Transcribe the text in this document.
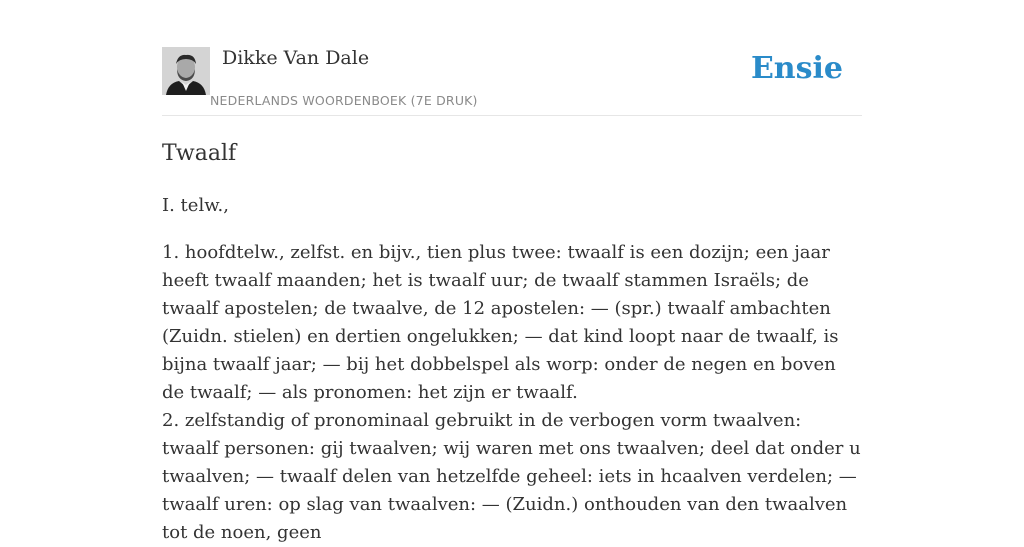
Dikke Van Dale
NEDERLANDS WOORDENBOEK (7E DRUK)
Ensie
Twaalf

I. telw.,

1. hoofdtelw., zelfst. en bijv., tien plus twee: twaalf is een dozijn; een jaar heeft twaalf maanden; het is twaalf uur; de twaalf stammen Israëls; de twaalf apostelen; de twaalve, de 12 apostelen: — (spr.) twaalf ambachten (Zuidn. stielen) en dertien ongelukken; — dat kind loopt naar de twaalf, is bijna twaalf jaar; — bij het dobbelspel als worp: onder de negen en boven de twaalf; — als pronomen: het zijn er twaalf.

2. zelfstandig of pronominaal gebruikt in de verbogen vorm twaalven: twaalf personen: gij twaalven; wij waren met ons twaalven; deel dat onder u twaalven; — twaalf delen van hetzelfde geheel: iets in hcaalven verdelen; — twaalf uren: op slag van twaalven: — (Zuidn.) onthouden van den twaalven tot de noen, geen
